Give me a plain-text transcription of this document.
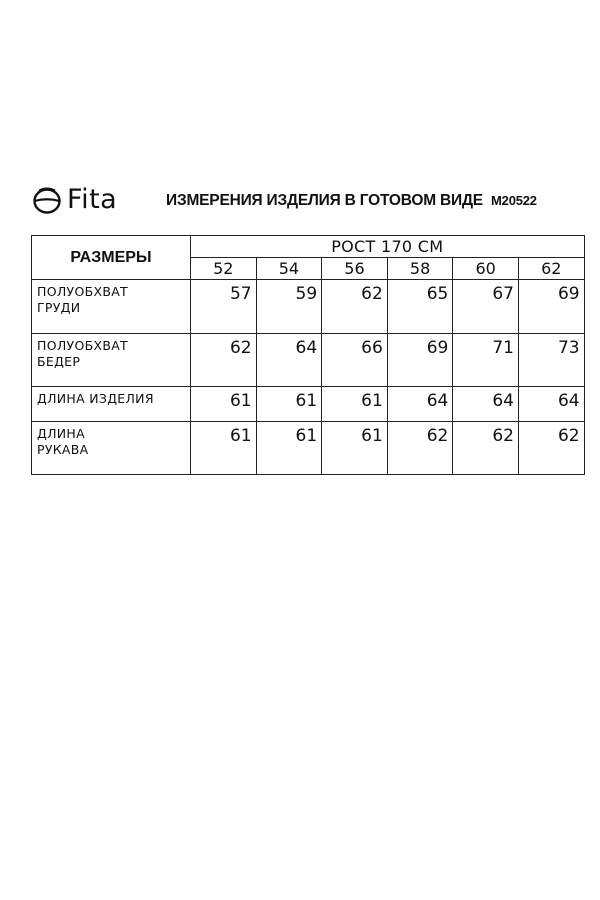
Fita	ИЗМЕРЕНИЯ ИЗДЕЛИЯ В ГОТОВОМ ВИДЕ M20522
РАЗМЕРЫ	РОСТ 170 СМ					
	52	54	56	58	60	62

ПОЛУОБХВАТ
ГРУДИ	57	59	62	65	67	69

ПОЛУОБХВАТ
БЕДЕР	62	64	66	69	71	73

ДЛИНА ИЗДЕЛИЯ	61	61	61	64	64	64

ДЛИНА
РУКАВА	61	61	61	62	62	62
